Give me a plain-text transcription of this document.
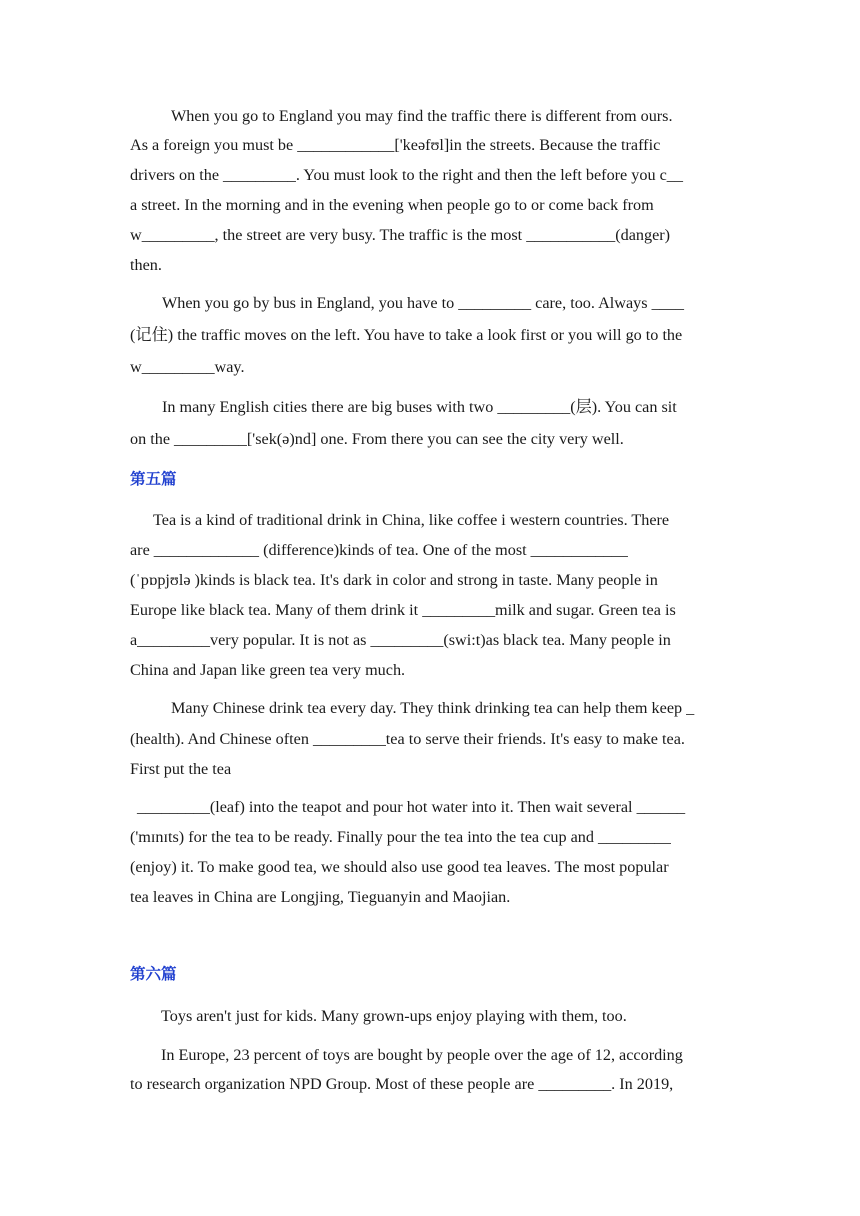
When you go to England you may find the traffic there is different from ours.
As a foreign you must be ____________['keəfʊl]in the streets. Because the traffic
drivers on the _________. You must look to the right and then the left before you c__
a street. In the morning and in the evening when people go to or come back from
w_________, the street are very busy. The traffic is the most ___________(danger)
then.
When you go by bus in England, you have to _________ care, too. Always ____
(记住) the traffic moves on the left. You have to take a look first or you will go to the
w_________way.
In many English cities there are big buses with two _________(层). You can sit
on the _________['sek(ə)nd] one. From there you can see the city very well.
第五篇
Tea is a kind of traditional drink in China, like coffee i western countries. There
are _____________ (difference)kinds of tea. One of the most ____________
(ˈpɒpjʊlə )kinds is black tea. It's dark in color and strong in taste. Many people in
Europe like black tea. Many of them drink it _________milk and sugar. Green tea is
a_________very popular. It is not as _________(swi:t)as black tea. Many people in
China and Japan like green tea very much.
Many Chinese drink tea every day. They think drinking tea can help them keep _
(health). And Chinese often _________tea to serve their friends. It's easy to make tea.
First put the tea
_________(leaf) into the teapot and pour hot water into it. Then wait several ______
('mɪnɪts) for the tea to be ready. Finally pour the tea into the tea cup and _________
(enjoy) it. To make good tea, we should also use good tea leaves. The most popular
tea leaves in China are Longjing, Tieguanyin and Maojian.
第六篇
Toys aren't just for kids. Many grown-ups enjoy playing with them, too.
In Europe, 23 percent of toys are bought by people over the age of 12, according
to research organization NPD Group. Most of these people are _________. In 2019,
